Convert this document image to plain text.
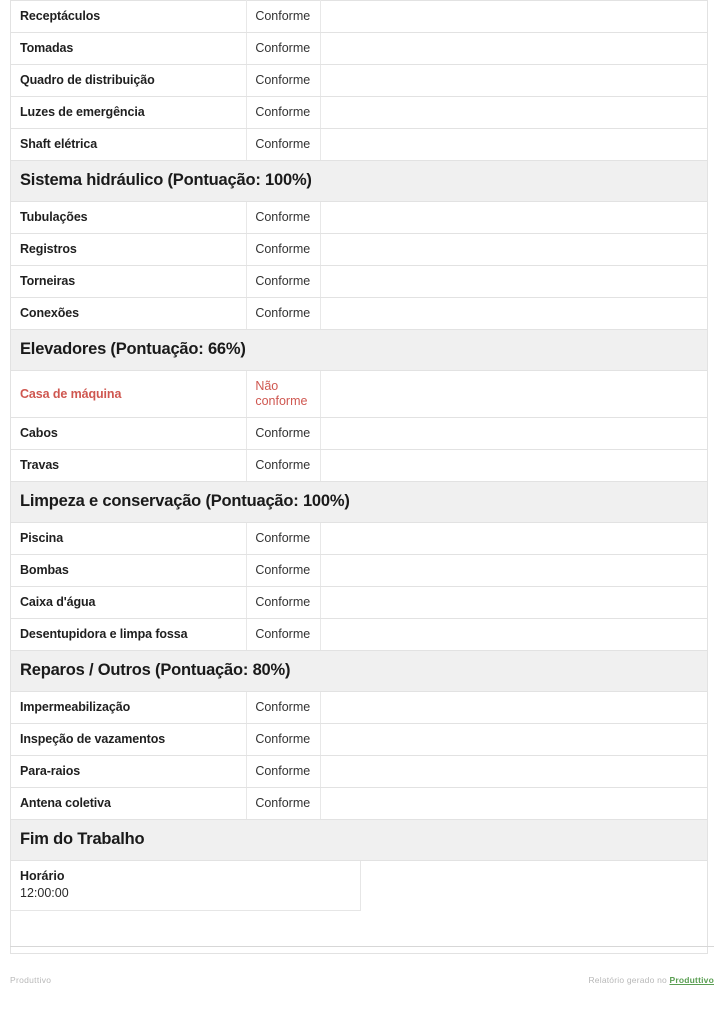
Receptáculos	Conforme	
Tomadas	Conforme	
Quadro de distribuição	Conforme	
Luzes de emergência	Conforme	
Shaft elétrica	Conforme	

Sistema hidráulico (Pontuação: 100%)		

Tubulações	Conforme	
Registros	Conforme	
Torneiras	Conforme	
Conexões	Conforme	

Elevadores (Pontuação: 66%)		

Casa de máquina	Não conforme	
Cabos	Conforme	
Travas	Conforme	

Limpeza e conservação (Pontuação: 100%)		

Piscina	Conforme	
Bombas	Conforme	
Caixa d'água	Conforme	
Desentupidora e limpa fossa	Conforme	

Reparos / Outros (Pontuação: 80%)		

Impermeabilização	Conforme	
Inspeção de vazamentos	Conforme	
Para-raios	Conforme	
Antena coletiva	Conforme	

Fim do Trabalho		
Horário
12:00:00
Produttivo	Relatório gerado no Produttivo
